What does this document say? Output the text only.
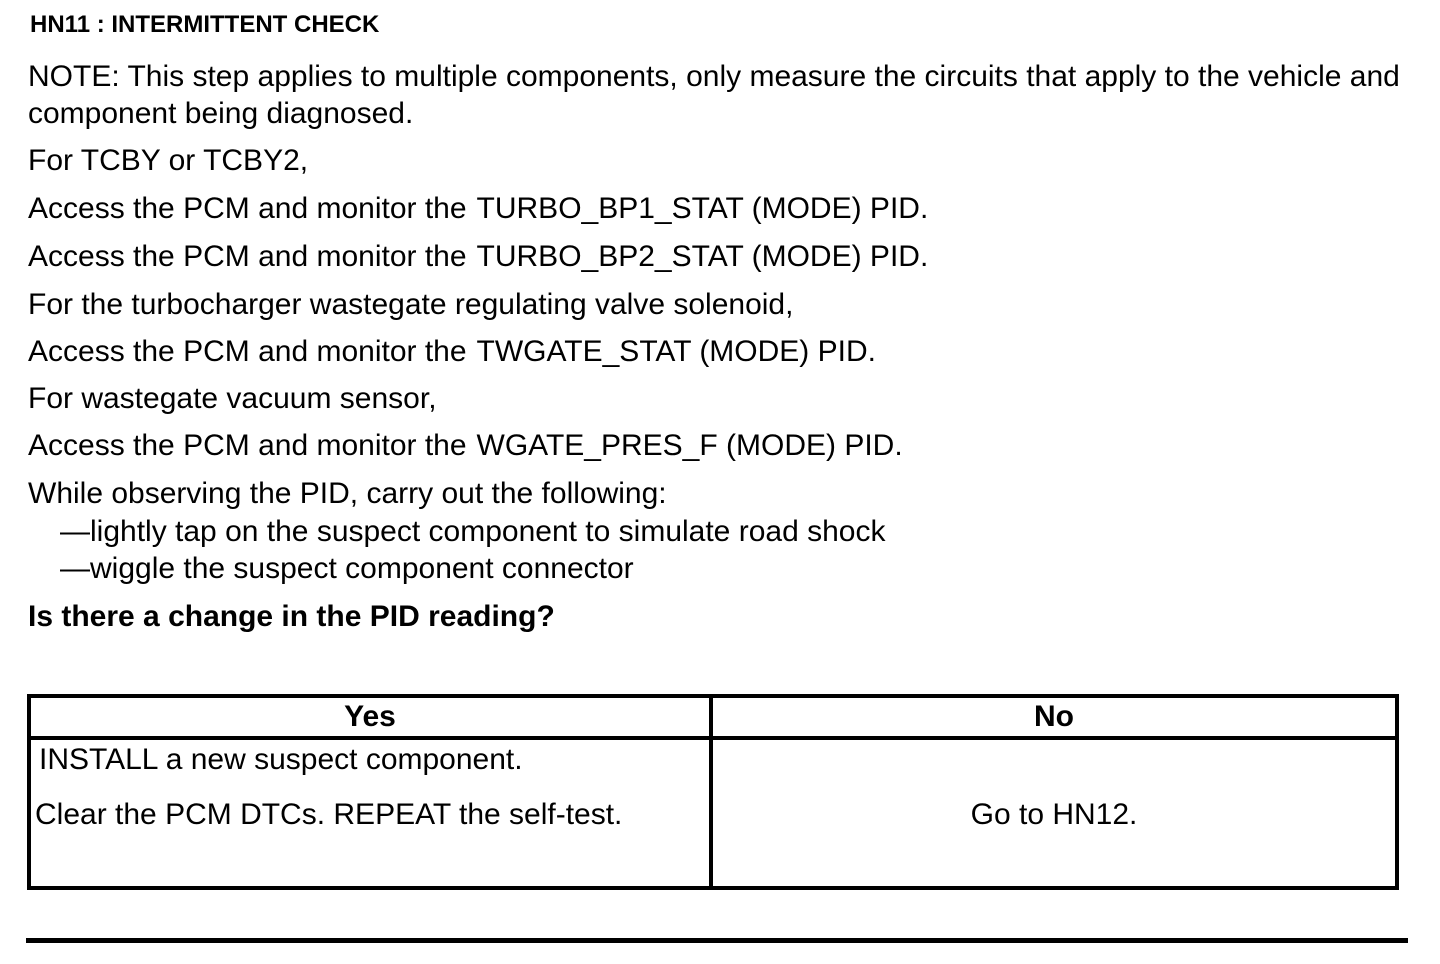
HN11 : INTERMITTENT CHECK
NOTE: This step applies to multiple components, only measure the circuits that apply to the vehicle and component being diagnosed.
For TCBY or TCBY2,
Access the PCM and monitor the TURBO_BP1_STAT (MODE) PID.
Access the PCM and monitor the TURBO_BP2_STAT (MODE) PID.
For the turbocharger wastegate regulating valve solenoid,
Access the PCM and monitor the TWGATE_STAT (MODE) PID.
For wastegate vacuum sensor,
Access the PCM and monitor the WGATE_PRES_F (MODE) PID.
While observing the PID, carry out the following:
—lightly tap on the suspect component to simulate road shock
—wiggle the suspect component connector
Is there a change in the PID reading?
Yes	No

INSTALL a new suspect component.
Clear the PCM DTCs. REPEAT the self-test.	Go to HN12.
